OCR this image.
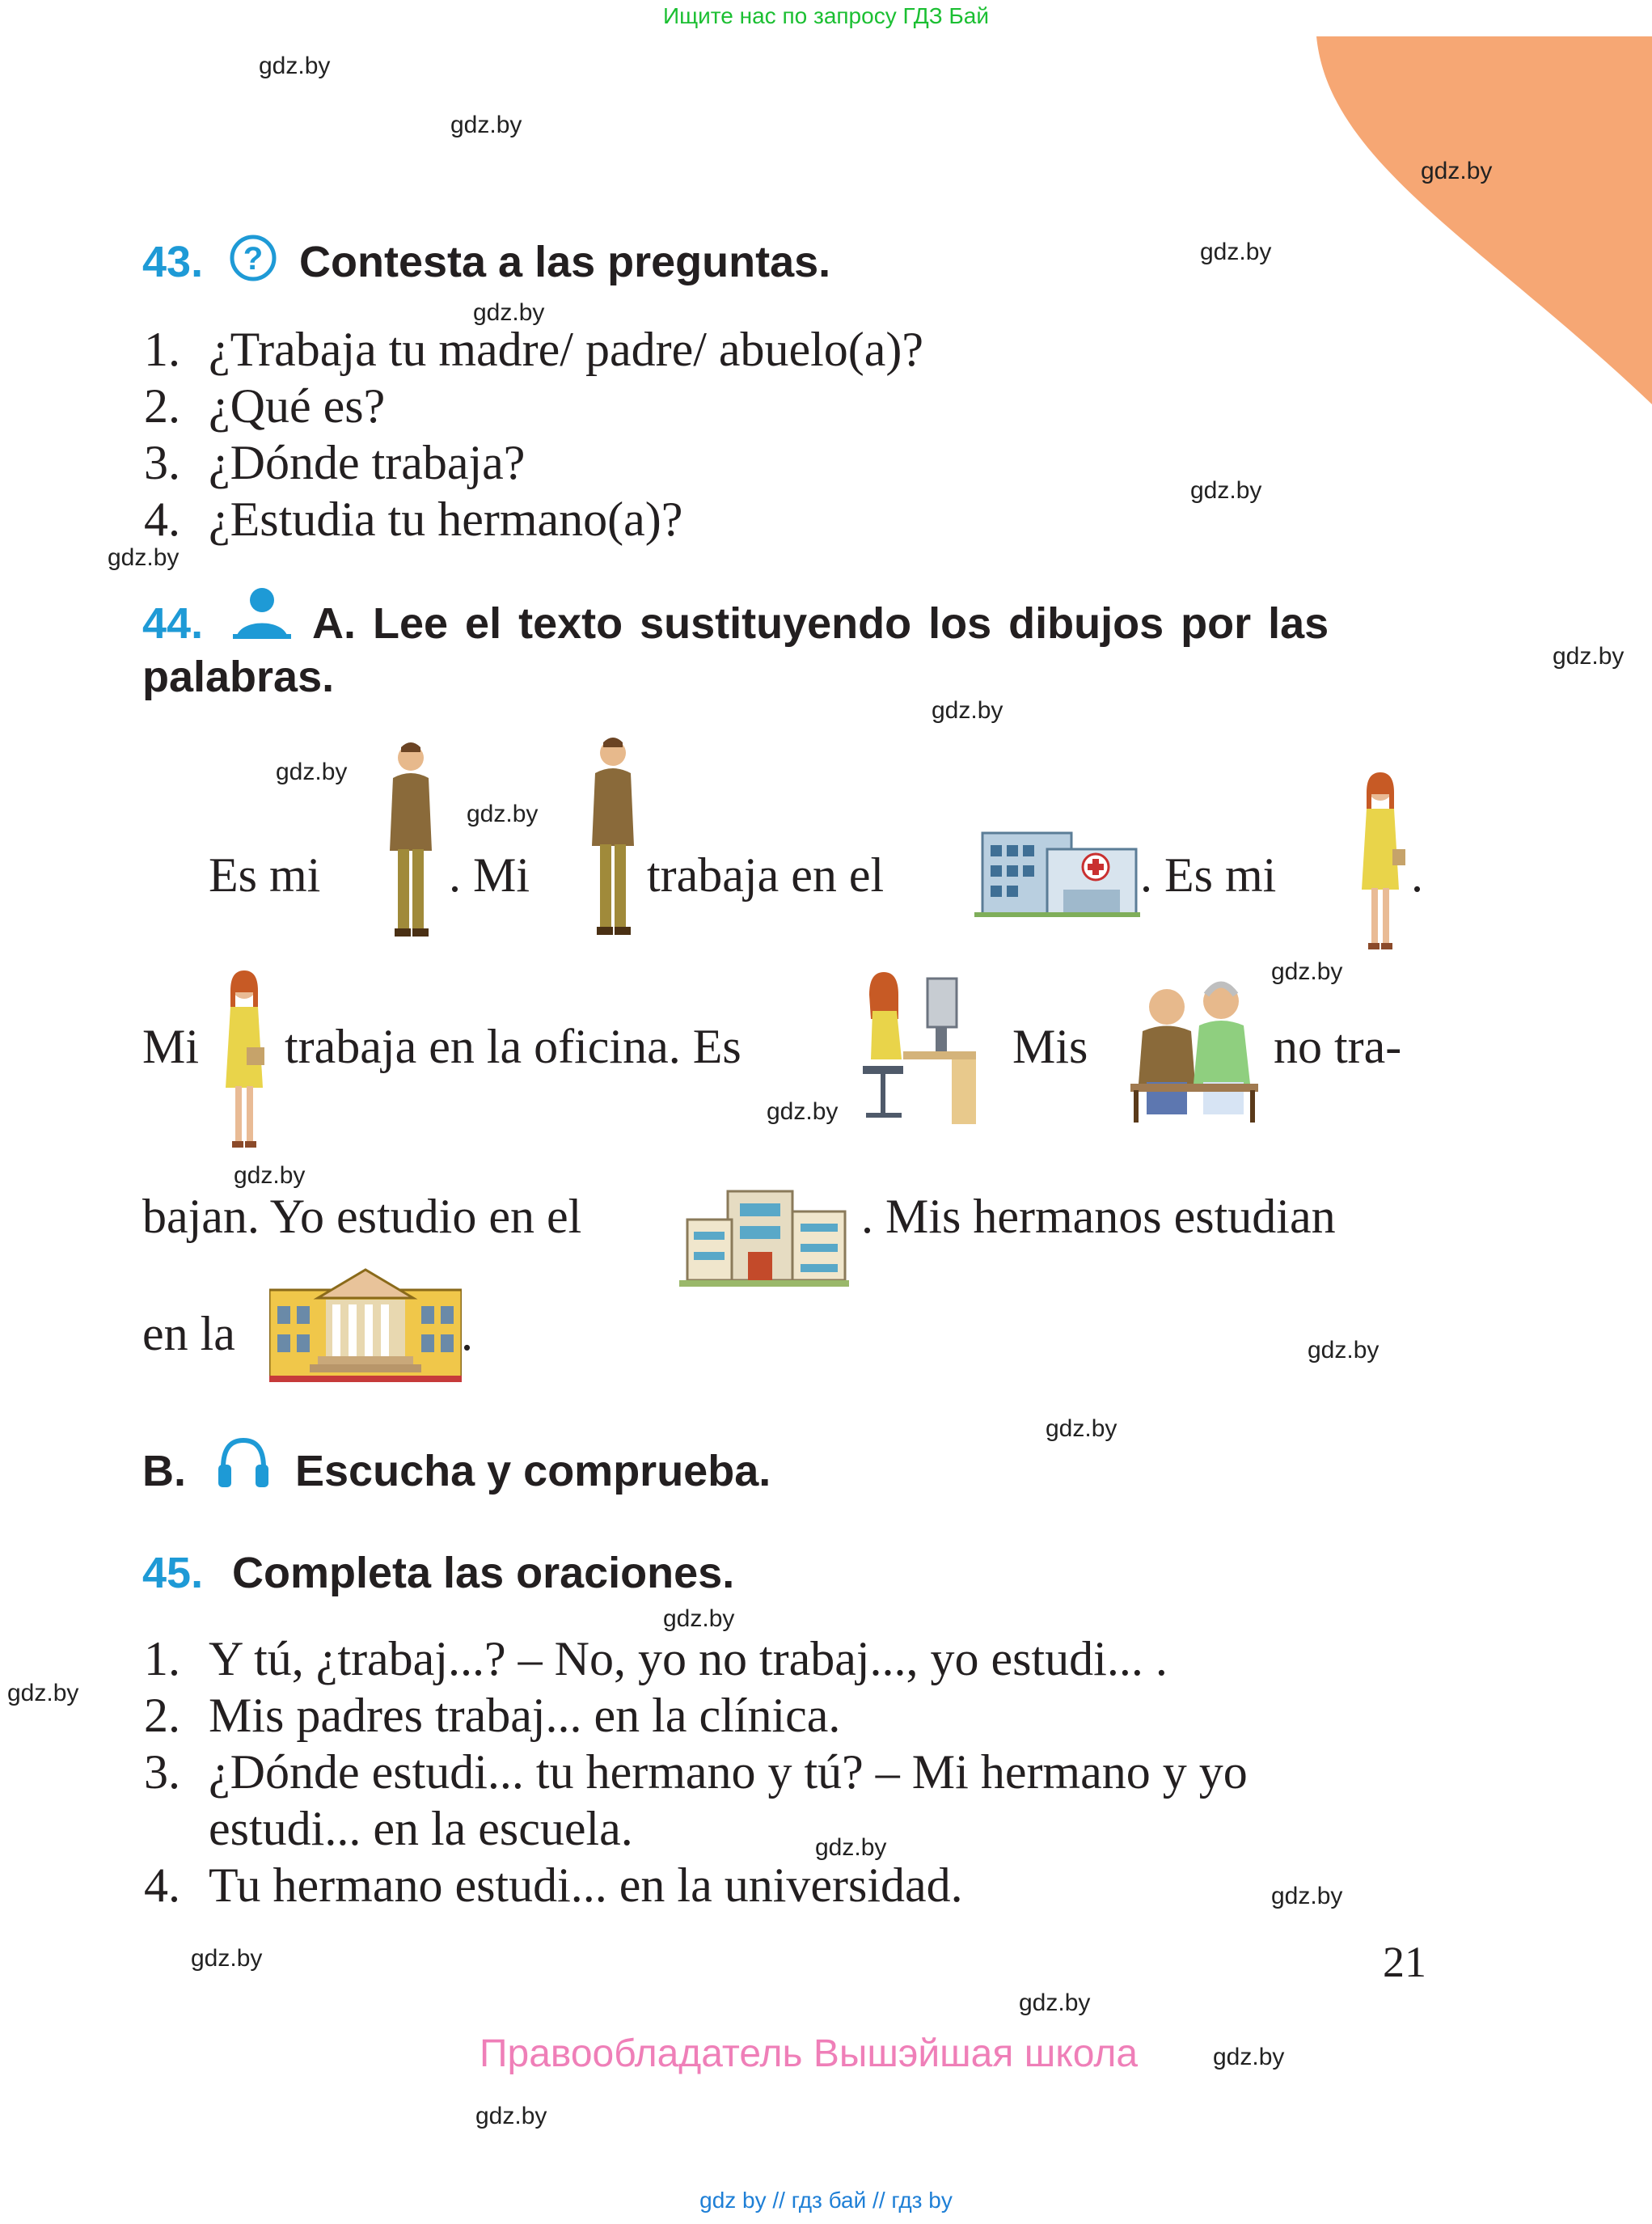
Ищите нас по запросу ГДЗ Бай
gdz.by
gdz.by
gdz.by
gdz.by
gdz.by
gdz.by
gdz.by
gdz.by
gdz.by
gdz.by
gdz.by
gdz.by
gdz.by
gdz.by
gdz.by
gdz.by
gdz.by
gdz.by
gdz.by
gdz.by
gdz.by
gdz.by
gdz.by
gdz.by
43. ? Contesta a las preguntas.
1. ¿Trabaja tu madre/ padre/ abuelo(a)?
2. ¿Qué es?
3. ¿Dónde trabaja?
4. ¿Estudia tu hermano(a)?
44. A. Lee el texto sustituyendo los dibujos por las
palabras.
Es mi	. Mi trabaja en el	. Es mi	.
Mi trabaja en la oficina. Es	Mis	no tra-
bajan. Yo estudio en el	. Mis hermanos estudian
en la	.
B.	Escucha y comprueba.
45. Completa las oraciones.
1. Y tú, ¿trabaj...? – No, yo no trabaj..., yo estudi... .
2. Mis padres trabaj... en la clínica.
3. ¿Dónde estudi... tu hermano y tú? – Mi hermano y yo
estudi... en la escuela.
4. Tu hermano estudi... en la universidad.
21
Правообладатель Вышэйшая школа
gdz by // гдз бай // гдз by
